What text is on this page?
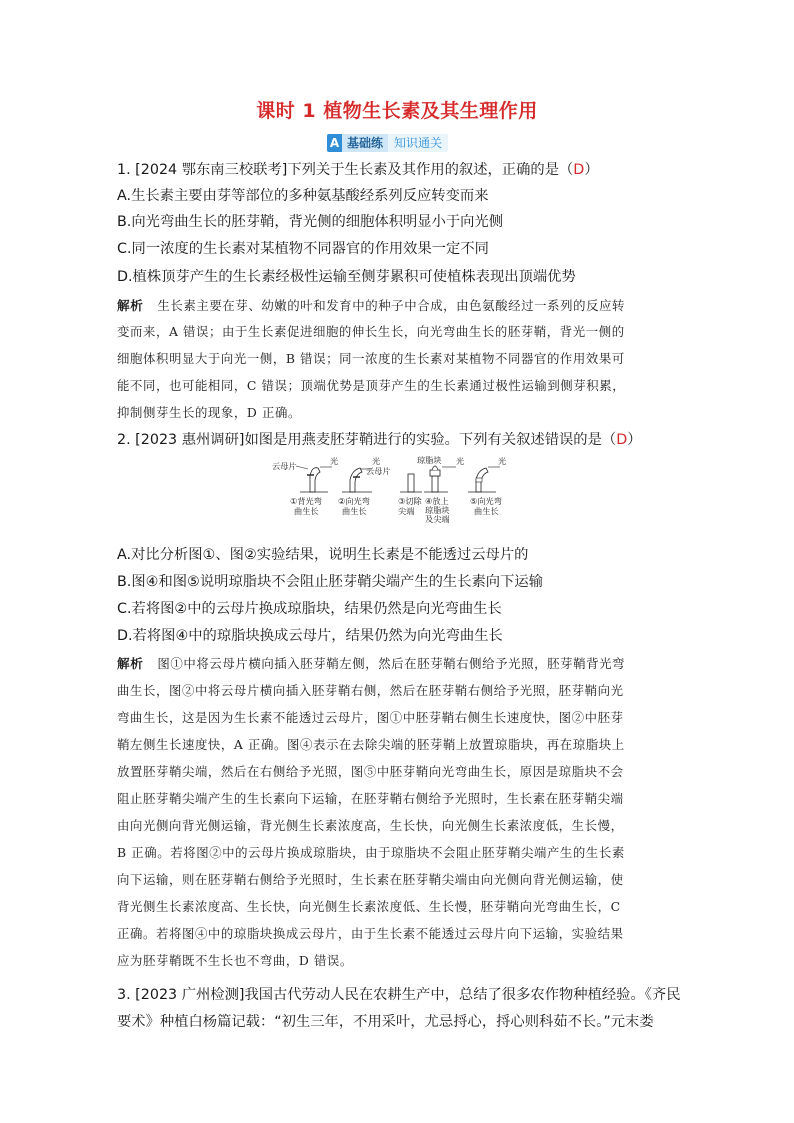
课时 1 植物生长素及其生理作用
A 基础练 知识通关
1. [2024 鄂东南三校联考]下列关于生长素及其作用的叙述，正确的是（D）
A.生长素主要由芽等部位的多种氨基酸经系列反应转变而来
B.向光弯曲生长的胚芽鞘，背光侧的细胞体积明显小于向光侧
C.同一浓度的生长素对某植物不同器官的作用效果一定不同
D.植株顶芽产生的生长素经极性运输至侧芽累积可使植株表现出顶端优势
解析 生长素主要在芽、幼嫩的叶和发育中的种子中合成，由色氨酸经过一系列的反应转
变而来，A 错误；由于生长素促进细胞的伸长生长，向光弯曲生长的胚芽鞘，背光一侧的
细胞体积明显大于向光一侧，B 错误；同一浓度的生长素对某植物不同器官的作用效果可
能不同，也可能相同，C 错误；顶端优势是顶芽产生的生长素通过极性运输到侧芽积累，
抑制侧芽生长的现象，D 正确。
2. [2023 惠州调研]如图是用燕麦胚芽鞘进行的实验。下列有关叙述错误的是（D）
云母片	光
①背光弯
曲生长
光
云母片
②向光弯
曲生长
③切除
尖端
琼脂块 光
④放上
琼脂块
及尖端
光
⑤向光弯
曲生长
A.对比分析图①、图②实验结果，说明生长素是不能透过云母片的
B.图④和图⑤说明琼脂块不会阻止胚芽鞘尖端产生的生长素向下运输
C.若将图②中的云母片换成琼脂块，结果仍然是向光弯曲生长
D.若将图④中的琼脂块换成云母片，结果仍然为向光弯曲生长
解析 图①中将云母片横向插入胚芽鞘左侧，然后在胚芽鞘右侧给予光照，胚芽鞘背光弯
曲生长，图②中将云母片横向插入胚芽鞘右侧，然后在胚芽鞘右侧给予光照，胚芽鞘向光
弯曲生长，这是因为生长素不能透过云母片，图①中胚芽鞘右侧生长速度快，图②中胚芽
鞘左侧生长速度快，A 正确。图④表示在去除尖端的胚芽鞘上放置琼脂块，再在琼脂块上
放置胚芽鞘尖端，然后在右侧给予光照，图⑤中胚芽鞘向光弯曲生长，原因是琼脂块不会
阻止胚芽鞘尖端产生的生长素向下运输，在胚芽鞘右侧给予光照时，生长素在胚芽鞘尖端
由向光侧向背光侧运输，背光侧生长素浓度高，生长快，向光侧生长素浓度低，生长慢，
B 正确。若将图②中的云母片换成琼脂块，由于琼脂块不会阻止胚芽鞘尖端产生的生长素
向下运输，则在胚芽鞘右侧给予光照时，生长素在胚芽鞘尖端由向光侧向背光侧运输，使
背光侧生长素浓度高、生长快，向光侧生长素浓度低、生长慢，胚芽鞘向光弯曲生长，C
正确。若将图④中的琼脂块换成云母片，由于生长素不能透过云母片向下运输，实验结果
应为胚芽鞘既不生长也不弯曲，D 错误。
3. [2023 广州检测]我国古代劳动人民在农耕生产中，总结了很多农作物种植经验。《齐民
要术》种植白杨篇记载：“初生三年，不用采叶，尤忌捋心，捋心则科茹不长。”元末娄
